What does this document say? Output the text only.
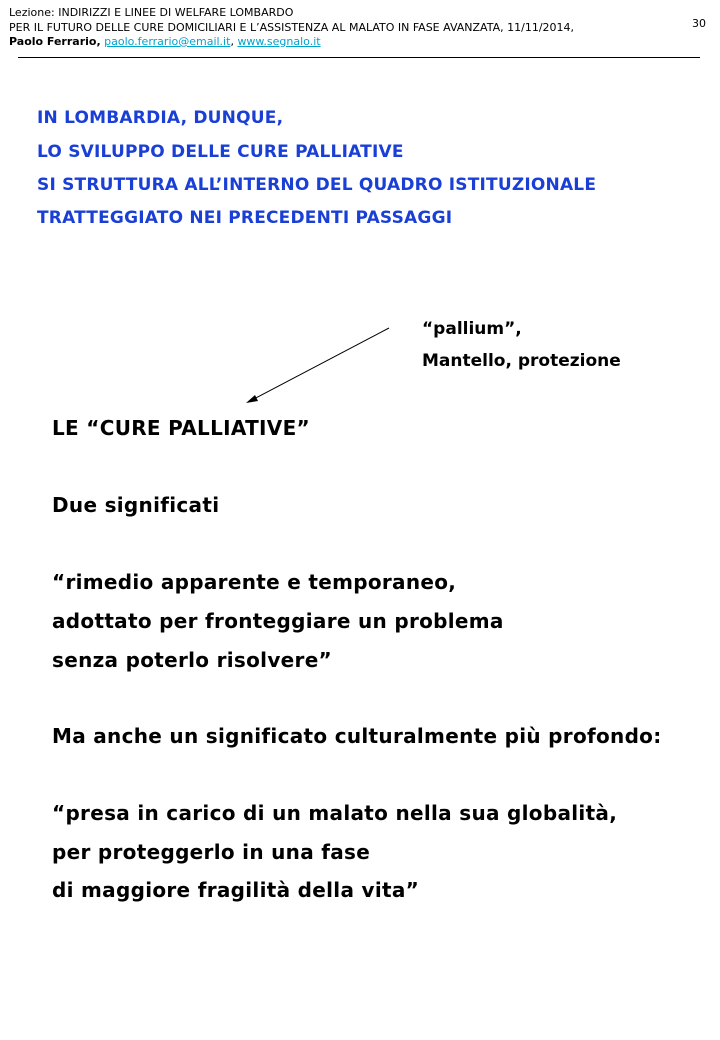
Lezione: INDIRIZZI E LINEE DI WELFARE LOMBARDO
PER IL FUTURO DELLE CURE DOMICILIARI E L’ASSISTENZA AL MALATO IN FASE AVANZATA, 11/11/2014,
Paolo Ferrario, paolo.ferrario@email.it, www.segnalo.it
30
IN LOMBARDIA, DUNQUE,
LO SVILUPPO DELLE CURE PALLIATIVE
SI STRUTTURA ALL’INTERNO DEL QUADRO ISTITUZIONALE
TRATTEGGIATO NEI PRECEDENTI PASSAGGI
“pallium”,
Mantello, protezione
LE “CURE PALLIATIVE”
Due significati
“rimedio apparente e temporaneo,
adottato per fronteggiare un problema
senza poterlo risolvere”
Ma anche un significato culturalmente più profondo:
“presa in carico di un malato nella sua globalità,
per proteggerlo in una fase
di maggiore fragilità della vita”
